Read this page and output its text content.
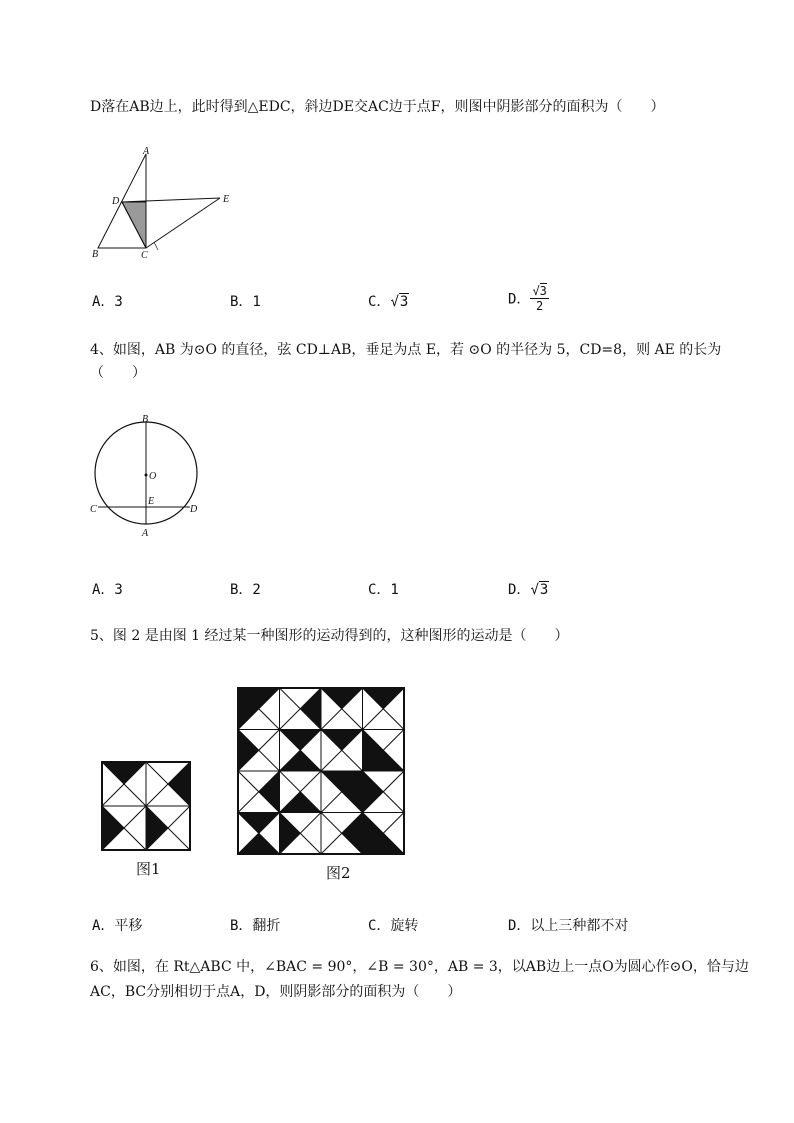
D落在AB边上，此时得到△EDC，斜边DE交AC边于点F，则图中阴影部分的面积为（　　）
A
D	E
B	C
A．3	B．1	C．√3	D． $\frac{√3}{2}$
4、如图，AB 为⊙O 的直径，弦 CD⊥AB，垂足为点 E，若 ⊙O 的半径为 5，CD=8，则 AE 的长为
（　　）
B
O
E
C	D
A
A．3	B．2	C．1	D．√3
5、图 2 是由图 1 经过某一种图形的运动得到的，这种图形的运动是（　　）
图1	图2
A．平移	B．翻折	C．旋转	D．以上三种都不对
6、如图，在 Rt△ABC 中，∠BAC = 90°，∠B = 30°，AB = 3，以AB边上一点O为圆心作⊙O，恰与边
AC，BC分别相切于点A，D，则阴影部分的面积为（　　）
